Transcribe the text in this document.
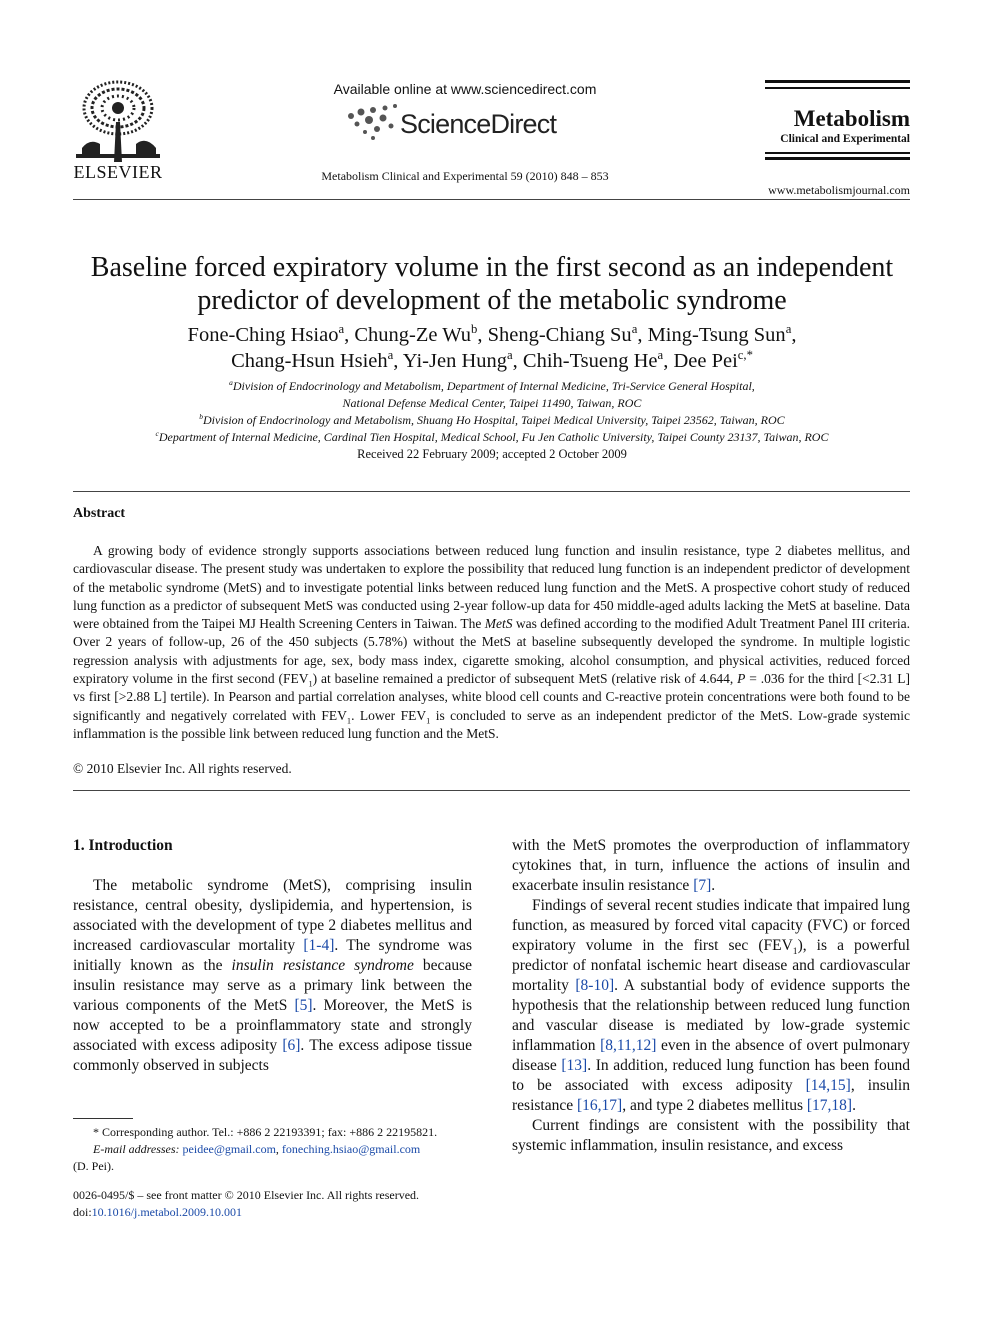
ELSEVIER
Available online at www.sciencedirect.com
ScienceDirect
Metabolism Clinical and Experimental 59 (2010) 848 – 853
Metabolism
Clinical and Experimental
www.metabolismjournal.com
Baseline forced expiratory volume in the first second as an independent
predictor of development of the metabolic syndrome
Fone-Ching Hsiao$^a$, Chung-Ze Wu$^b$, Sheng-Chiang Su$^a$, Ming-Tsung Sun$^a$,
Chang-Hsun Hsieh$^a$, Yi-Jen Hung$^a$, Chih-Tsueng He$^a$, Dee Pei$^{c,*}$
$^a$Division of Endocrinology and Metabolism, Department of Internal Medicine, Tri-Service General Hospital,
National Defense Medical Center, Taipei 11490, Taiwan, ROC
$^b$Division of Endocrinology and Metabolism, Shuang Ho Hospital, Taipei Medical University, Taipei 23562, Taiwan, ROC
$^c$Department of Internal Medicine, Cardinal Tien Hospital, Medical School, Fu Jen Catholic University, Taipei County 23137, Taiwan, ROC
Received 22 February 2009; accepted 2 October 2009
Abstract
A growing body of evidence strongly supports associations between reduced lung function and insulin resistance, type 2 diabetes mellitus, and cardiovascular disease. The present study was undertaken to explore the possibility that reduced lung function is an independent predictor of development of the metabolic syndrome (MetS) and to investigate potential links between reduced lung function and the MetS. A prospective cohort study of reduced lung function as a predictor of subsequent MetS was conducted using 2-year follow-up data for 450 middle-aged adults lacking the MetS at baseline. Data were obtained from the Taipei MJ Health Screening Centers in Taiwan. The MetS was defined according to the modified Adult Treatment Panel III criteria. Over 2 years of follow-up, 26 of the 450 subjects (5.78%) without the MetS at baseline subsequently developed the syndrome. In multiple logistic regression analysis with adjustments for age, sex, body mass index, cigarette smoking, alcohol consumption, and physical activities, reduced forced expiratory volume in the first second $(FEV_1)$ at baseline remained a predictor of subsequent MetS (relative risk of 4.644, P = .036 for the third [<2.31 L] vs first [>2.88 L] tertile). In Pearson and partial correlation analyses, white blood cell counts and C-reactive protein concentrations were both found to be significantly and negatively correlated with $FEV_1$. Lower $FEV_1$ is concluded to serve as an independent predictor of the MetS. Low-grade systemic inflammation is the possible link between reduced lung function and the MetS.
© 2010 Elsevier Inc. All rights reserved.
1. Introduction

The metabolic syndrome (MetS), comprising insulin resistance, central obesity, dyslipidemia, and hypertension, is associated with the development of type 2 diabetes mellitus and increased cardiovascular mortality [1-4]. The syndrome was initially known as the insulin resistance syndrome because insulin resistance may serve as a primary link between the various components of the MetS [5]. Moreover, the MetS is now accepted to be a proinflammatory state and strongly associated with excess adiposity [6]. The excess adipose tissue commonly observed in subjects

with the MetS promotes the overproduction of inflammatory cytokines that, in turn, influence the actions of insulin and exacerbate insulin resistance [7].

Findings of several recent studies indicate that impaired lung function, as measured by forced vital capacity (FVC) or forced expiratory volume in the first $\sec (FEV_1)$, is a powerful predictor of nonfatal ischemic heart disease and cardiovascular mortality [8-10]. A substantial body of evidence supports the hypothesis that the relationship between reduced lung function and vascular disease is mediated by low-grade systemic inflammation [8,11,12] even in the absence of overt pulmonary disease [13]. In addition, reduced lung function has been found to be associated with excess adiposity [14,15], insulin resistance [16,17], and type 2 diabetes mellitus [17,18].

Current findings are consistent with the possibility that systemic inflammation, insulin resistance, and excess

* Corresponding author. Tel.: +886 2 22193391; fax: +886 2 22195821.
E-mail addresses: peidee@gmail.com, foneching.hsiao@gmail.com
(D. Pei).
0026-0495/$ – see front matter © 2010 Elsevier Inc. All rights reserved.
doi:10.1016/j.metabol.2009.10.001
